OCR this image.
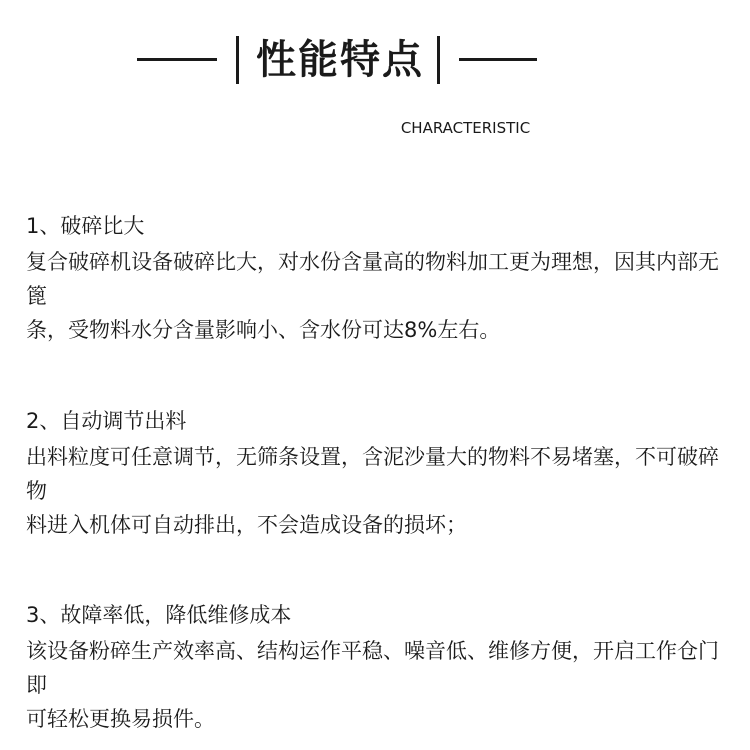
性能特点
CHARACTERISTIC
1、破碎比大

复合破碎机设备破碎比大，对水份含量高的物料加工更为理想，因其内部无篦
条，受物料水分含量影响小、含水份可达8%左右。

2、自动调节出料

出料粒度可任意调节，无筛条设置，含泥沙量大的物料不易堵塞，不可破碎物
料进入机体可自动排出，不会造成设备的损坏；

3、故障率低，降低维修成本

该设备粉碎生产效率高、结构运作平稳、噪音低、维修方便，开启工作仓门即
可轻松更换易损件。
